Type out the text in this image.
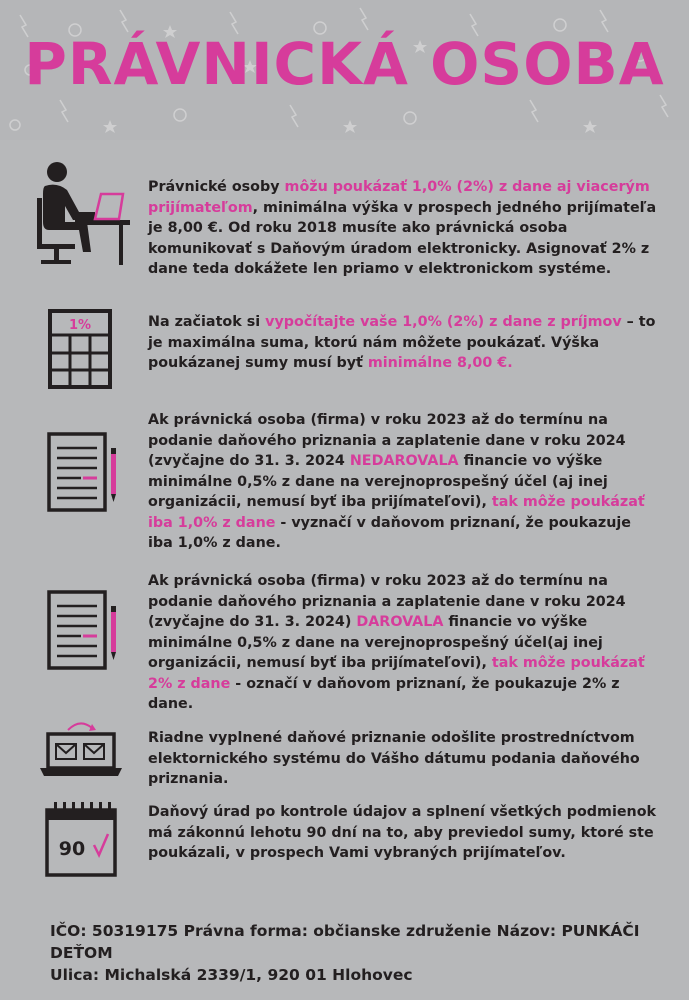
PRÁVNICKÁ OSOBA
Právnické osoby môžu poukázať 1,0% (2%) z dane aj viacerým prijímateľom, minimálna výška v prospech jedného prijímateľa je 8,00 €. Od roku 2018 musíte ako právnická osoba komunikovať s Daňovým úradom elektronicky. Asignovať 2% z dane teda dokážete len priamo v elektronickom systéme.
1%	Na začiatok si vypočítajte vaše 1,0% (2%) z dane z príjmov – to je maximálna suma, ktorú nám môžete poukázať. Výška poukázanej sumy musí byť minimálne 8,00 €.
Ak právnická osoba (firma) v roku 2023 až do termínu na podanie daňového priznania a zaplatenie dane v roku 2024 (zvyčajne do 31. 3. 2024 NEDAROVALA financie vo výške minimálne 0,5% z dane na verejnoprospešný účel (aj inej organizácii, nemusí byť iba prijímateľovi), tak môže poukázať iba 1,0% z dane - vyznačí v daňovom priznaní, že poukazuje iba 1,0% z dane.
Ak právnická osoba (firma) v roku 2023 až do termínu na podanie daňového priznania a zaplatenie dane v roku 2024 (zvyčajne do 31. 3. 2024) DAROVALA financie vo výške minimálne 0,5% z dane na verejnoprospešný účel(aj inej organizácii, nemusí byť iba prijímateľovi), tak môže poukázať 2% z dane - označí v daňovom priznaní, že poukazuje 2% z dane.
Riadne vyplnené daňové priznanie odošlite prostredníctvom elektornického systému do Vášho dátumu podania daňového priznania.
90
Daňový úrad po kontrole údajov a splnení všetkých podmienok má zákonnú lehotu 90 dní na to, aby previedol sumy, ktoré ste poukázali, v prospech Vami vybraných prijímateľov.
IČO: 50319175 Právna forma: občianske združenie Názov: PUNKÁČI DEŤOM
Ulica: Michalská 2339/1, 920 01 Hlohovec
